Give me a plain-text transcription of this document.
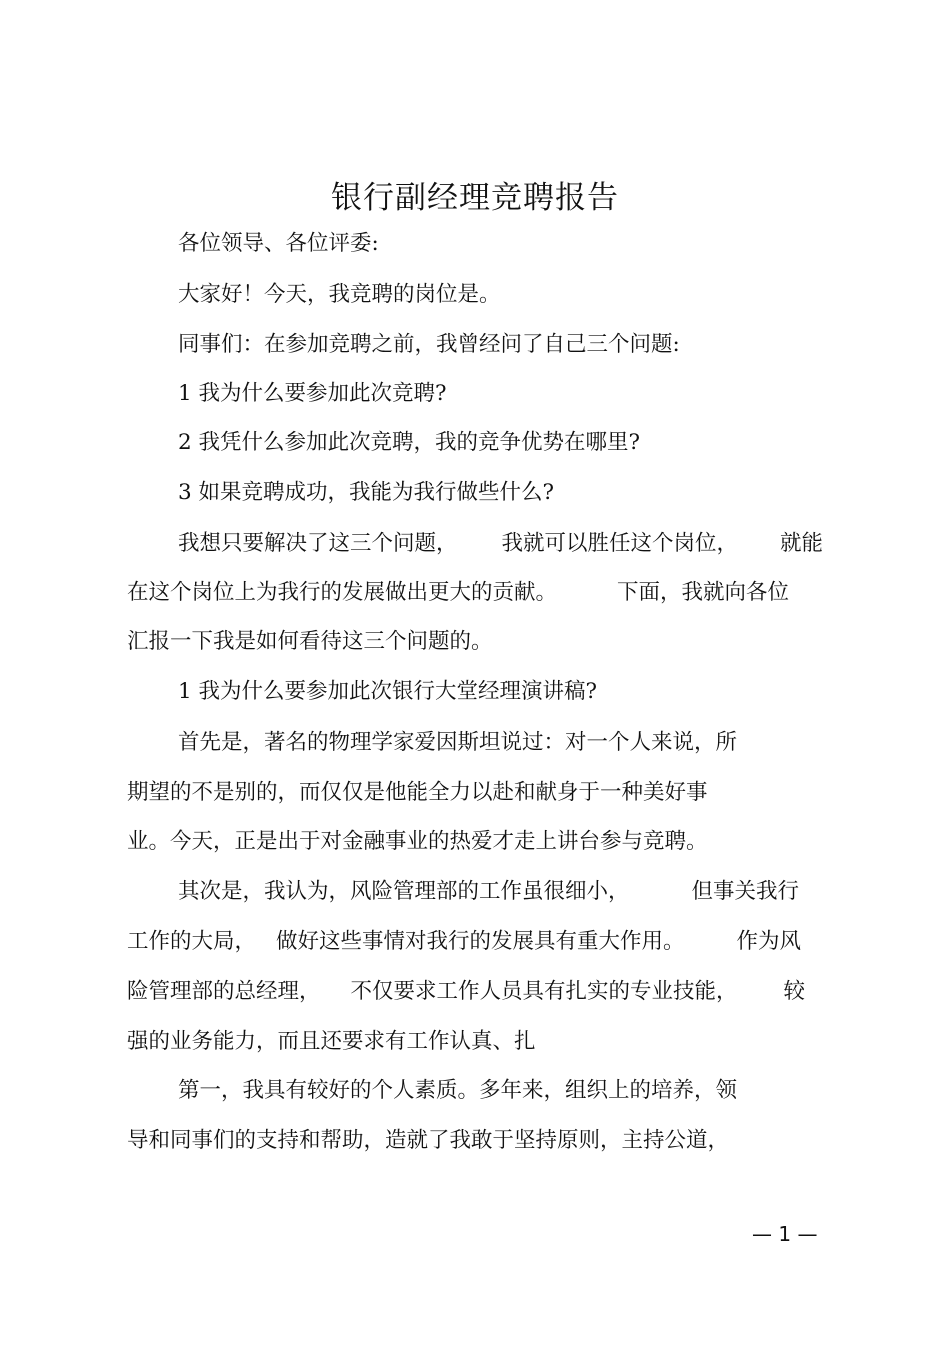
银行副经理竞聘报告
各位领导、各位评委:
大家好！今天，我竞聘的岗位是。
同事们：在参加竞聘之前，我曾经问了自己三个问题:
1 我为什么要参加此次竞聘?
2 我凭什么参加此次竞聘，我的竞争优势在哪里?
3 如果竞聘成功，我能为我行做些什么?
我想只要解决了这三个问题， 我就可以胜任这个岗位， 就能
在这个岗位上为我行的发展做出更大的贡献。	下面，我就向各位
汇报一下我是如何看待这三个问题的。
1 我为什么要参加此次银行大堂经理演讲稿?
首先是，著名的物理学家爱因斯坦说过：对一个人来说，所
期望的不是别的，而仅仅是他能全力以赴和献身于一种美好事
业。今天，正是出于对金融事业的热爱才走上讲台参与竞聘。
其次是，我认为，风险管理部的工作虽很细小，	但事关我行
工作的大局， 做好这些事情对我行的发展具有重大作用。 作为风
险管理部的总经理， 不仅要求工作人员具有扎实的专业技能， 较
强的业务能力，而且还要求有工作认真、扎
第一，我具有较好的个人素质。多年来，组织上的培养，领
导和同事们的支持和帮助，造就了我敢于坚持原则，主持公道，
— 1 —
